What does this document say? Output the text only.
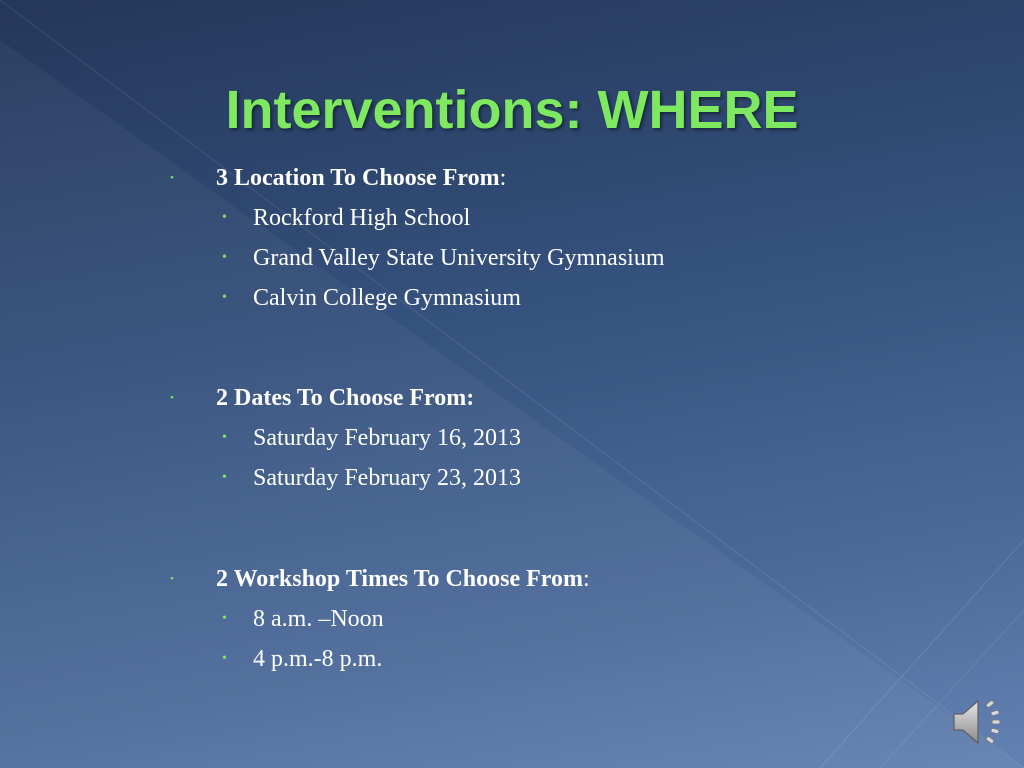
Interventions: WHERE
• 3 Location To Choose From:
• Rockford High School
• Grand Valley State University Gymnasium
• Calvin College Gymnasium
• 2 Dates To Choose From:
• Saturday February 16, 2013
• Saturday February 23, 2013
• 2 Workshop Times To Choose From:
• 8 a.m. –Noon
• 4 p.m.-8 p.m.
